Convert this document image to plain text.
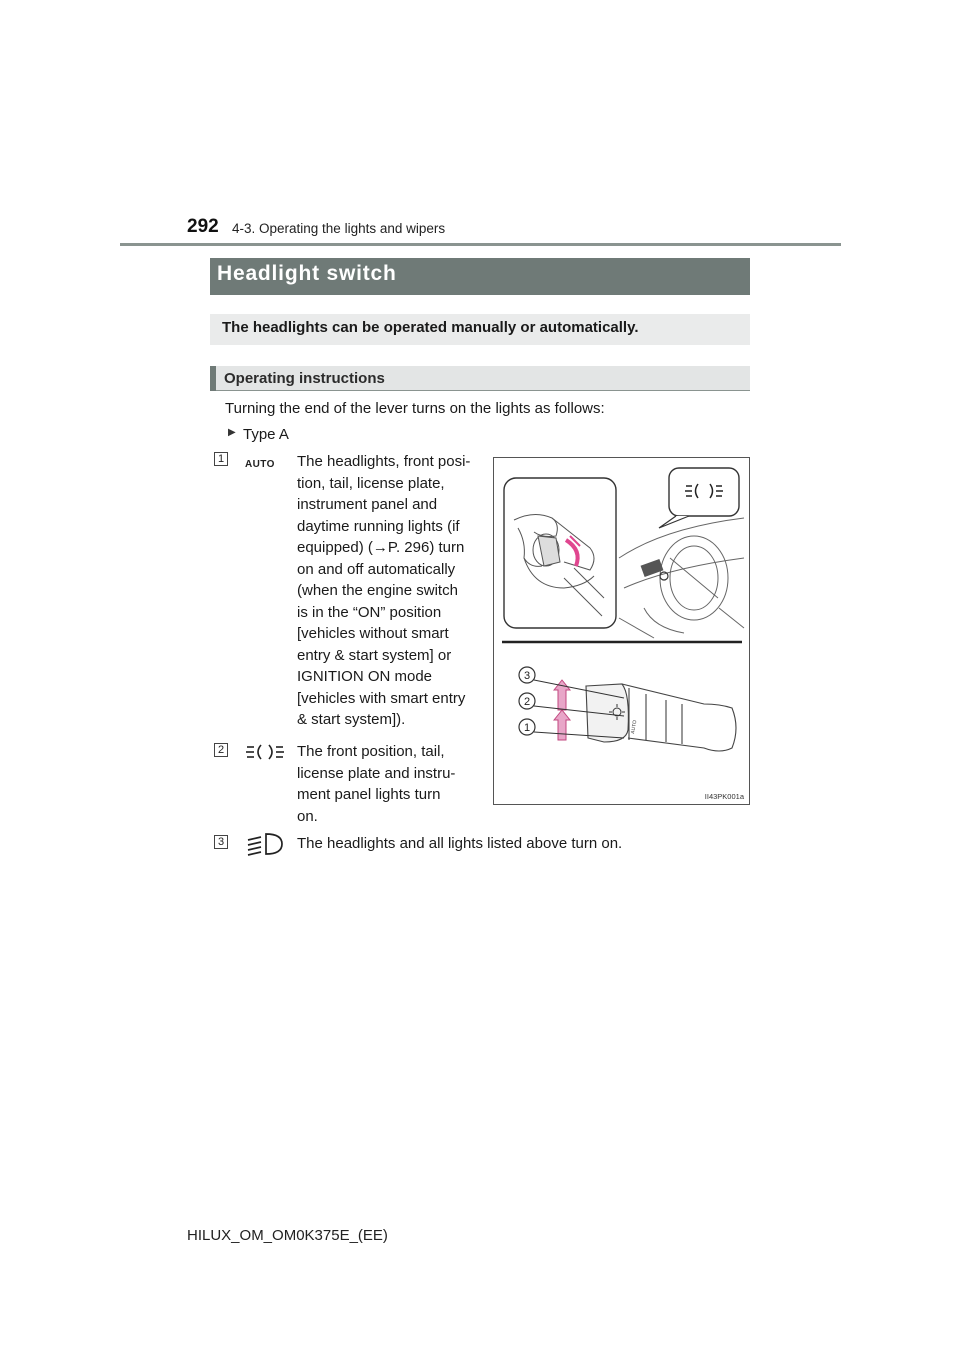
292 4-3. Operating the lights and wipers
Headlight switch
The headlights can be operated manually or automatically.
Operating instructions
Turning the end of the lever turns on the lights as follows:
▶ Type A
1	AUTO The headlights, front posi-
tion, tail, license plate,
instrument panel and
daytime running lights (if
equipped) (→P. 296) turn
on and off automatically
(when the engine switch
is in the “ON” position
[vehicles without smart
entry & start system] or
IGNITION ON mode
[vehicles with smart entry
& start system]).
2	The front position, tail,
license plate and instru-
ment panel lights turn
on.
3	The headlights and all lights listed above turn on.
3
2
1	AUTO
II43PK001a
HILUX_OM_OM0K375E_(EE)
